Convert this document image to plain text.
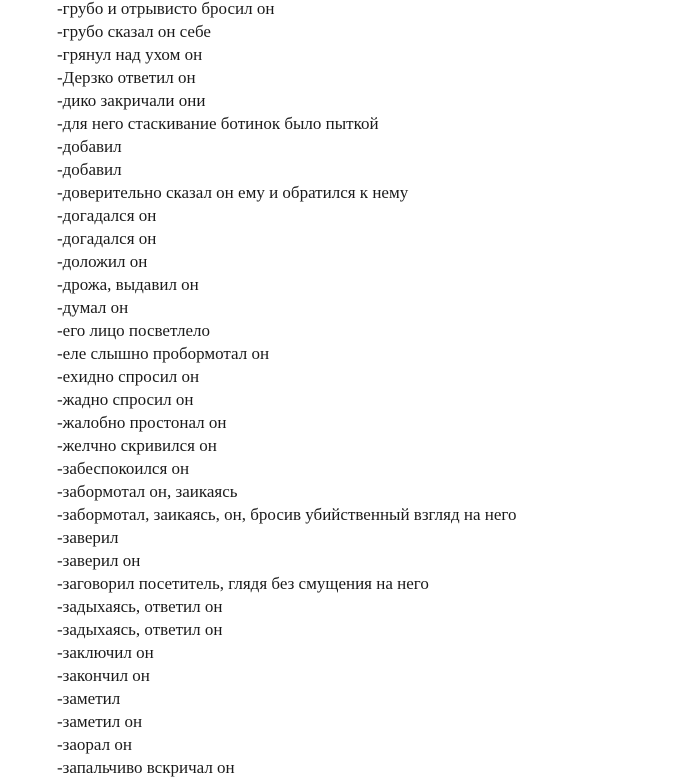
-грубо и отрывисто бросил он
-грубо сказал он себе
-грянул над ухом он
-Дерзко ответил он
-дико закричали они
-для него стаскивание ботинок было пыткой
-добавил
-добавил
-доверительно сказал он ему и обратился к нему
-догадался он
-догадался он
-доложил он
-дрожа, выдавил он
-думал он
-его лицо посветлело
-еле слышно пробормотал он
-ехидно спросил он
-жадно спросил он
-жалобно простонал он
-желчно скривился он
-забеспокоился он
-забормотал он, заикаясь
-забормотал, заикаясь, он, бросив убийственный взгляд на него
-заверил
-заверил он
-заговорил посетитель, глядя без смущения на него
-задыхаясь, ответил он
-задыхаясь, ответил он
-заключил он
-закончил он
-заметил
-заметил он
-заорал он
-запальчиво вскричал он
